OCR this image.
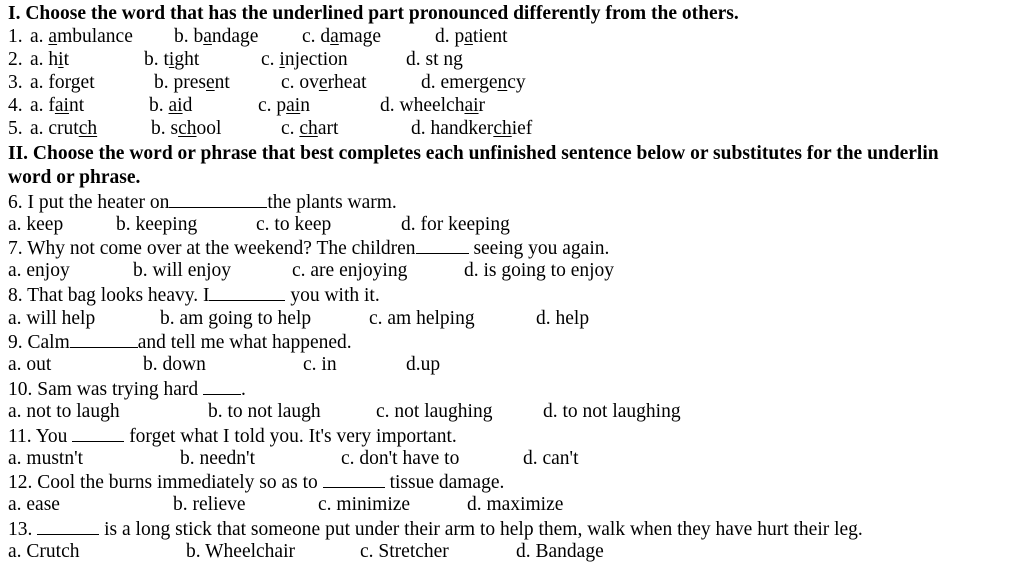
I. Choose the word that has the underlined part pronounced differently from the others.
1. a. ambulance b. bandage c. damage	d. patient
2. a. hit	b. tight	c. injection	d. st ng
3. a. forget	b. present	c. overheat	d. emergency
4. a. faint	b. aid	c. pain	d. wheelchair
5. a. crutch	b. school	c. chart	d. handkerchief
II. Choose the word or phrase that best completes each unfinished sentence below or substitutes for the underlin
word or phrase.
6. I put the heater on	the plants warm.
a. keep	b. keeping	c. to keep	d. for keeping
7. Why not come over at the weekend? The children	seeing you again.
a. enjoy	b. will enjoy	c. are enjoying	d. is going to enjoy
8. That bag looks heavy. I	you with it.
a. will help	b. am going to help	c. am helping	d. help
9. Calm	and tell me what happened.
a. out	b. down	c. in	d.up
10. Sam was trying hard .
a. not to laugh	b. to not laugh	c. not laughing	d. to not laughing
11. You	forget what I told you. It's very important.
a. mustn't	b. needn't	c. don't have to	d. can't
12. Cool the burns immediately so as to	tissue damage.
a. ease	b. relieve	c. minimize	d. maximize
13.	is a long stick that someone put under their arm to help them, walk when they have hurt their leg.
a. Crutch	b. Wheelchair	c. Stretcher	d. Bandage
